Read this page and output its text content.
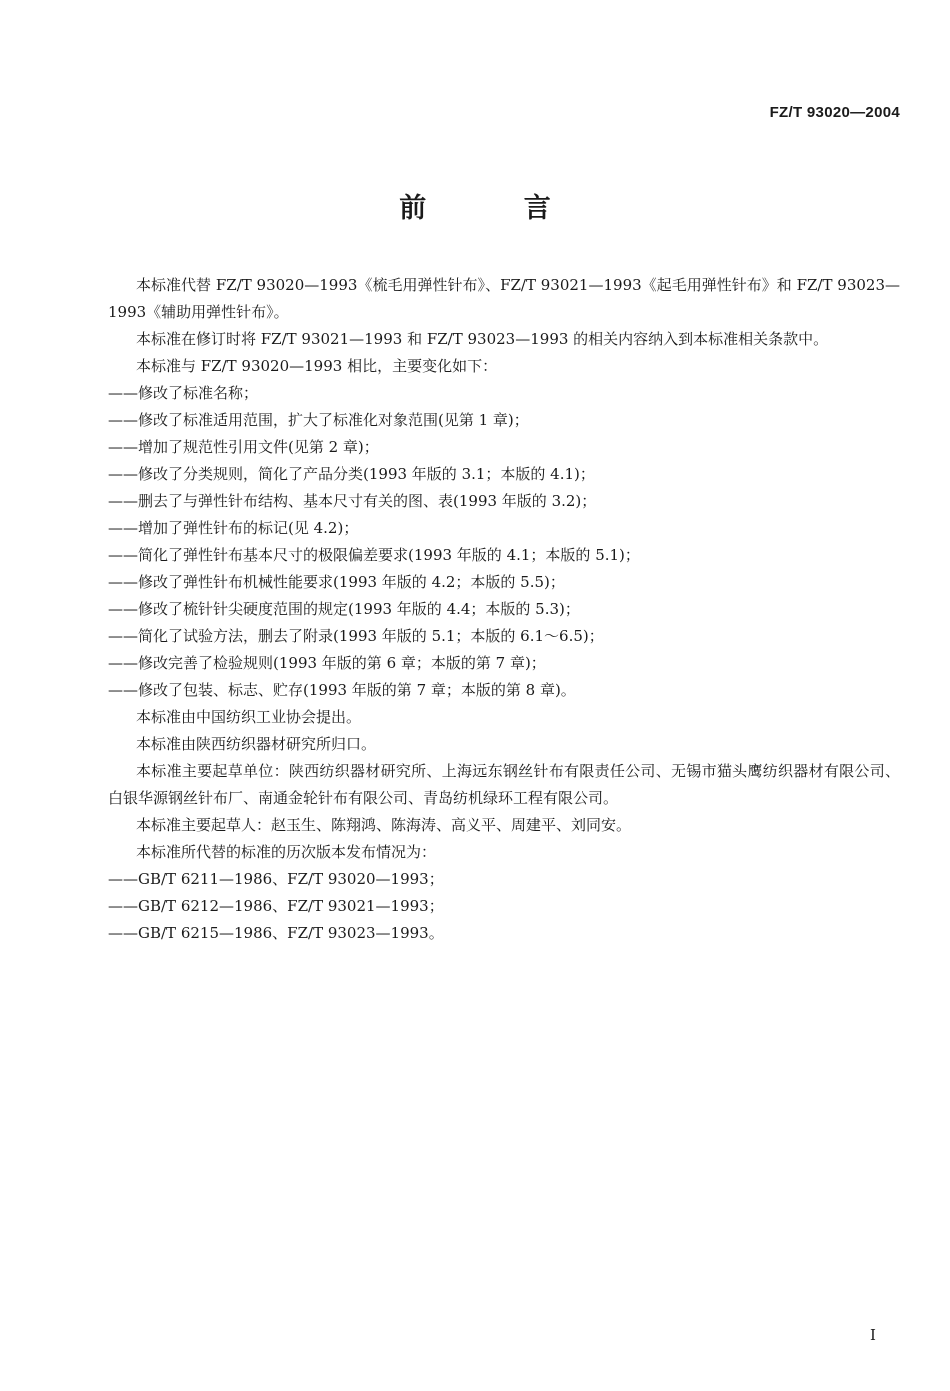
FZ/T 93020—2004
前 言

本标准代替 FZ/T 93020—1993《梳毛用弹性针布》、FZ/T 93021—1993《起毛用弹性针布》和 FZ/T 93023—1993《辅助用弹性针布》。

本标准在修订时将 FZ/T 93021—1993 和 FZ/T 93023—1993 的相关内容纳入到本标准相关条款中。

本标准与 FZ/T 93020—1993 相比，主要变化如下：

——修改了标准名称；

——修改了标准适用范围，扩大了标准化对象范围(见第 1 章)；

——增加了规范性引用文件(见第 2 章)；

——修改了分类规则，简化了产品分类(1993 年版的 3.1；本版的 4.1)；

——删去了与弹性针布结构、基本尺寸有关的图、表(1993 年版的 3.2)；

——增加了弹性针布的标记(见 4.2)；

——简化了弹性针布基本尺寸的极限偏差要求(1993 年版的 4.1；本版的 5.1)；

——修改了弹性针布机械性能要求(1993 年版的 4.2；本版的 5.5)；

——修改了梳针针尖硬度范围的规定(1993 年版的 4.4；本版的 5.3)；

——简化了试验方法，删去了附录(1993 年版的 5.1；本版的 6.1～6.5)；

——修改完善了检验规则(1993 年版的第 6 章；本版的第 7 章)；

——修改了包装、标志、贮存(1993 年版的第 7 章；本版的第 8 章)。

本标准由中国纺织工业协会提出。

本标准由陕西纺织器材研究所归口。

本标准主要起草单位：陕西纺织器材研究所、上海远东钢丝针布有限责任公司、无锡市猫头鹰纺织器材有限公司、白银华源钢丝针布厂、南通金轮针布有限公司、青岛纺机绿环工程有限公司。

本标准主要起草人：赵玉生、陈翔鸿、陈海涛、高义平、周建平、刘同安。

本标准所代替的标准的历次版本发布情况为：

——GB/T 6211—1986、FZ/T 93020—1993；

——GB/T 6212—1986、FZ/T 93021—1993；

——GB/T 6215—1986、FZ/T 93023—1993。

I
